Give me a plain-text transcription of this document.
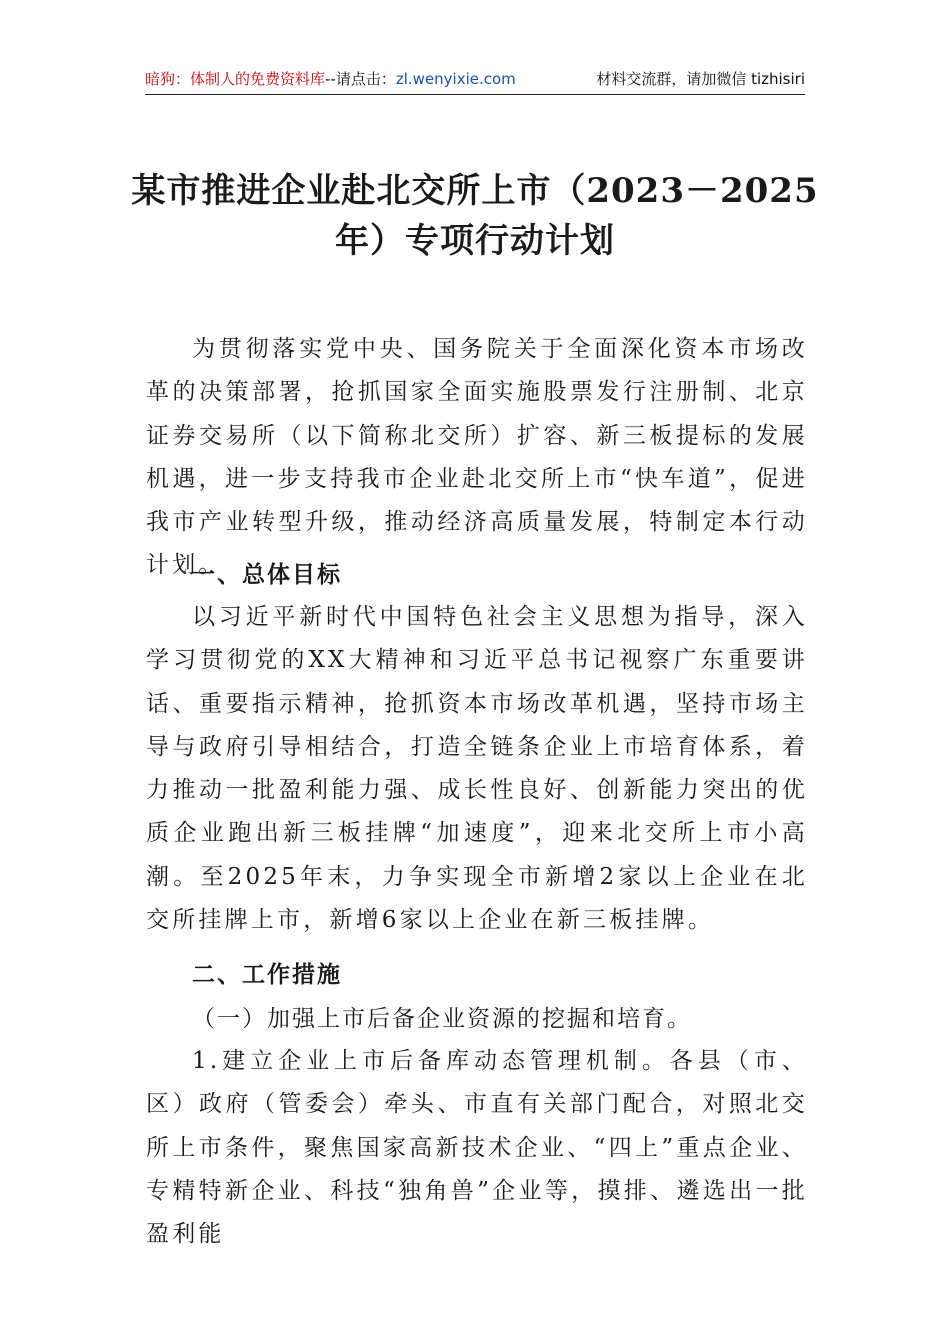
暗狗：体制人的免费资料库--请点击：zl.wenyixie.com	材料交流群，请加微信 tizhisiri
某市推进企业赴北交所上市（2023－2025
年）专项行动计划
为贯彻落实党中央、国务院关于全面深化资本市场改革的决策部署，抢抓国家全面实施股票发行注册制、北京证券交易所（以下简称北交所）扩容、新三板提标的发展机遇，进一步支持我市企业赴北交所上市“快车道”，促进我市产业转型升级，推动经济高质量发展，特制定本行动计划。
一、总体目标
以习近平新时代中国特色社会主义思想为指导，深入学习贯彻党的XX大精神和习近平总书记视察广东重要讲话、重要指示精神，抢抓资本市场改革机遇，坚持市场主导与政府引导相结合，打造全链条企业上市培育体系，着力推动一批盈利能力强、成长性良好、创新能力突出的优质企业跑出新三板挂牌“加速度”，迎来北交所上市小高潮。至2025年末，力争实现全市新增2家以上企业在北交所挂牌上市，新增6家以上企业在新三板挂牌。
二、工作措施
（一）加强上市后备企业资源的挖掘和培育。
1.建立企业上市后备库动态管理机制。各县（市、区）政府（管委会）牵头、市直有关部门配合，对照北交所上市条件，聚焦国家高新技术企业、“四上”重点企业、专精特新企业、科技“独角兽”企业等，摸排、遴选出一批盈利能
